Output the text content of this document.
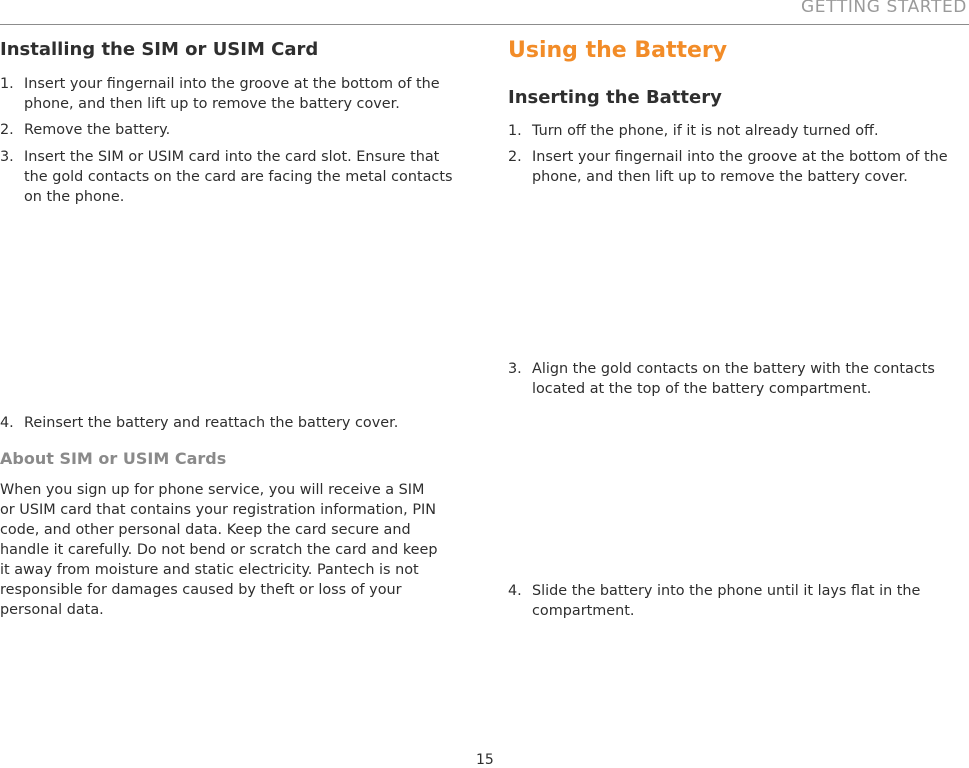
GETTING STARTED
Installing the SIM or USIM Card
1. Insert your fingernail into the groove at the bottom of the phone, and then lift up to remove the battery cover.
2. Remove the battery.
3. Insert the SIM or USIM card into the card slot. Ensure that the gold contacts on the card are facing the metal contacts on the phone.
4. Reinsert the battery and reattach the battery cover.
About SIM or USIM Cards
When you sign up for phone service, you will receive a SIM or USIM card that contains your registration information, PIN code, and other personal data. Keep the card secure and handle it carefully. Do not bend or scratch the card and keep it away from moisture and static electricity. Pantech is not responsible for damages caused by theft or loss of your personal data.
Using the Battery
Inserting the Battery
1. Turn off the phone, if it is not already turned off.
2. Insert your fingernail into the groove at the bottom of the phone, and then lift up to remove the battery cover.
3. Align the gold contacts on the battery with the contacts located at the top of the battery compartment.
4. Slide the battery into the phone until it lays flat in the compartment.
15
